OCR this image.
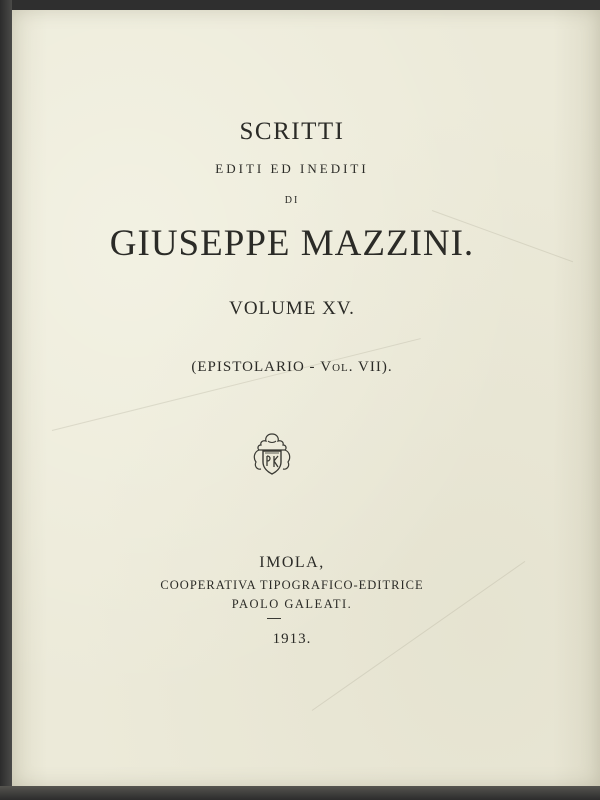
SCRITTI
EDITI ED INEDITI
DI
GIUSEPPE MAZZINI.
VOLUME XV.
(EPISTOLARIO - Vol. VII).
IMOLA,
COOPERATIVA TIPOGRAFICO-EDITRICE
PAOLO GALEATI.
1913.
